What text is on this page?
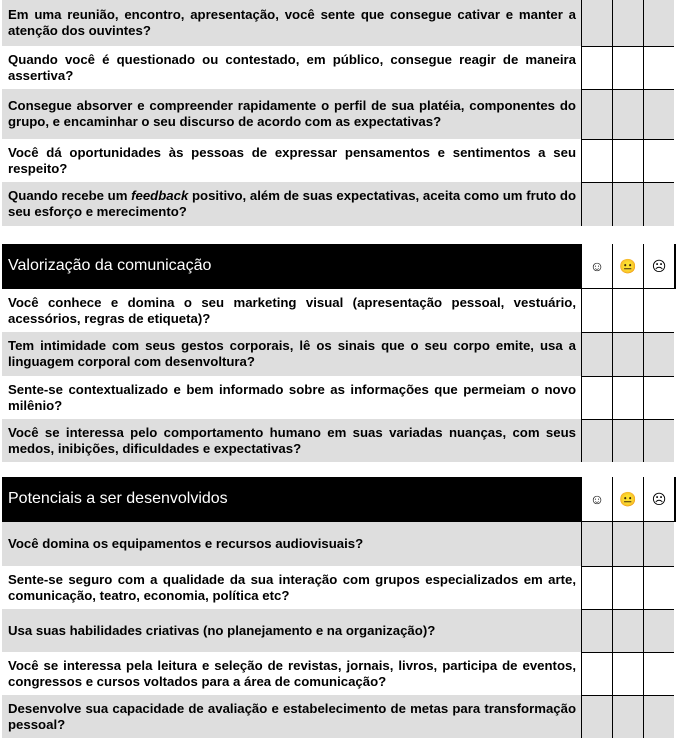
Em uma reunião, encontro, apresentação, você sente que consegue cativar e manter a atenção dos ouvintes?
Quando você é questionado ou contestado, em público, consegue reagir de maneira assertiva?
Consegue absorver e compreender rapidamente o perfil de sua platéia, componentes do grupo, e encaminhar o seu discurso de acordo com as expectativas?
Você dá oportunidades às pessoas de expressar pensamentos e sentimentos a seu respeito?
Quando recebe um feedback positivo, além de suas expectativas, aceita como um fruto do seu esforço e merecimento?
Valorização da comunicação	☺	😐	☹
Você conhece e domina o seu marketing visual (apresentação pessoal, vestuário, acessórios, regras de etiqueta)?
Tem intimidade com seus gestos corporais, lê os sinais que o seu corpo emite, usa a linguagem corporal com desenvoltura?
Sente-se contextualizado e bem informado sobre as informações que permeiam o novo milênio?
Você se interessa pelo comportamento humano em suas variadas nuanças, com seus medos, inibições, dificuldades e expectativas?
Potenciais a ser desenvolvidos	☺	😐	☹
Você domina os equipamentos e recursos audiovisuais?
Sente-se seguro com a qualidade da sua interação com grupos especializados em arte, comunicação, teatro, economia, política etc?
Usa suas habilidades criativas (no planejamento e na organização)?
Você se interessa pela leitura e seleção de revistas, jornais, livros, participa de eventos, congressos e cursos voltados para a área de comunicação?
Desenvolve sua capacidade de avaliação e estabelecimento de metas para transformação pessoal?
